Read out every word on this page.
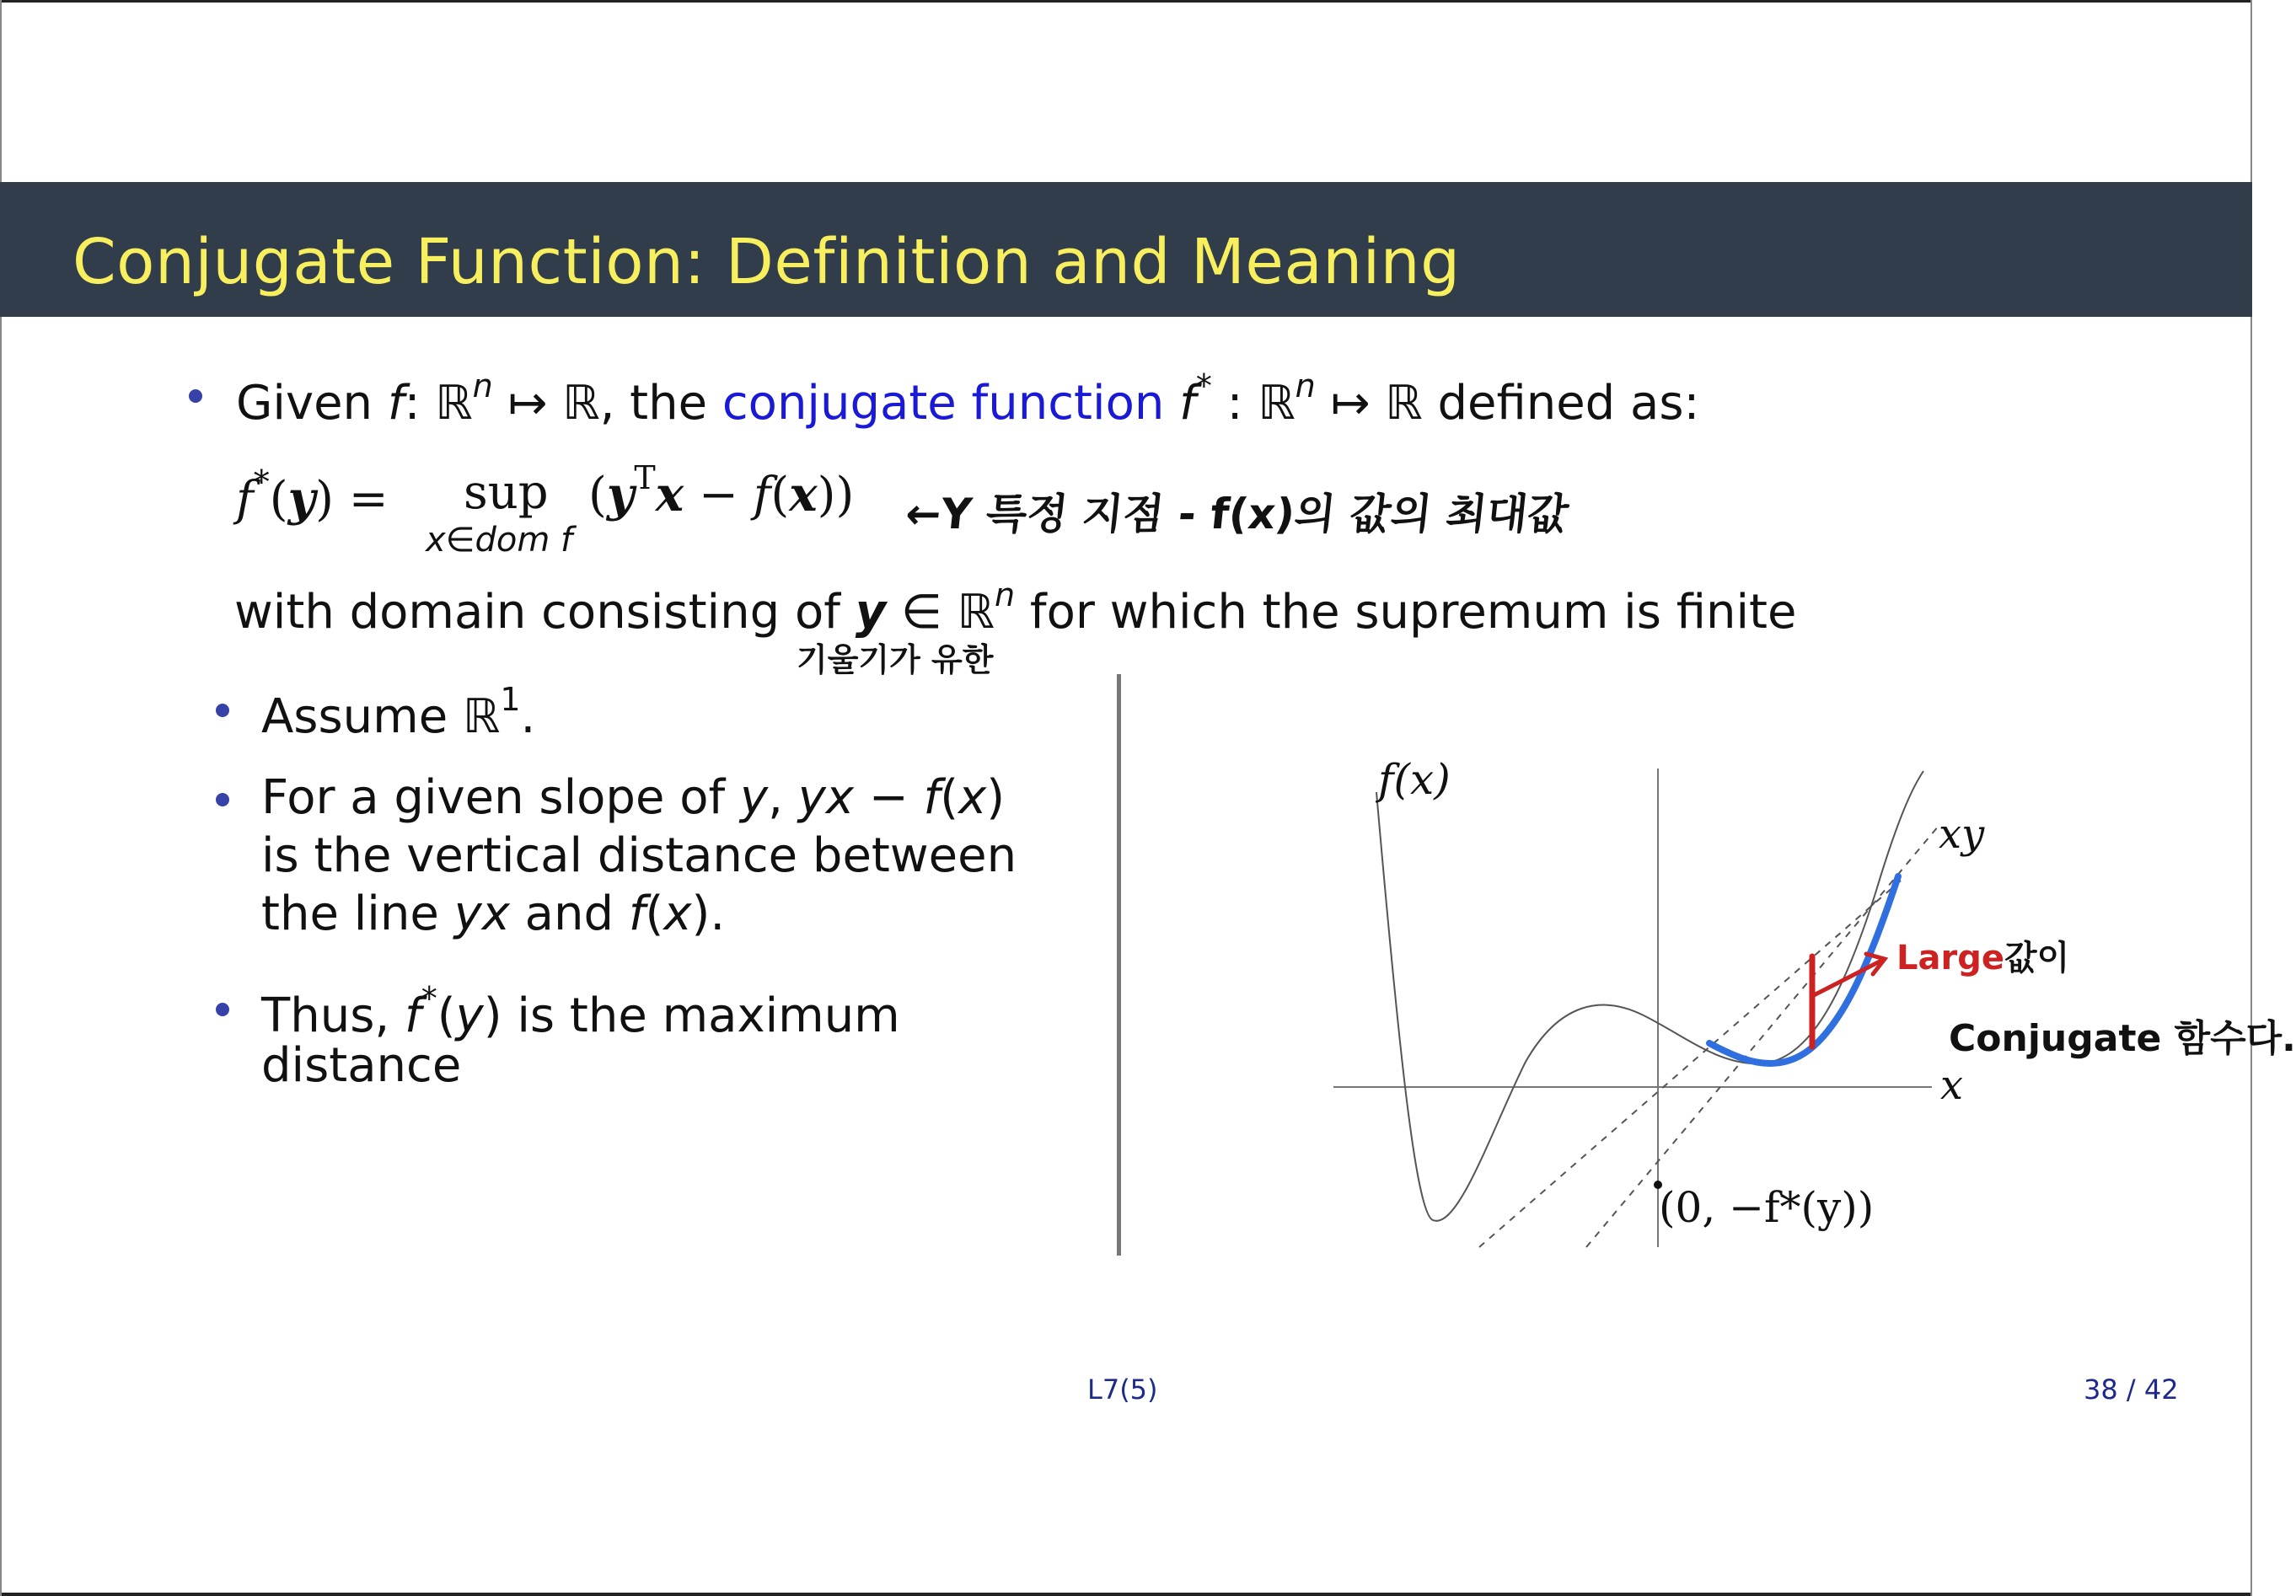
Conjugate Function: Definition and Meaning
Given f: ℝ$^n$ ↦ ℝ, the conjugate function f* : ℝ$^n$ ↦ ℝ defined as:
f*(y) = sup
x∈dom f
$(y^Tx - f(x))$ ←Y 특정 지점 - f(x)의 값의 최대값
with domain consisting of y ∈ ℝ$^n$ for which the supremum is finite
기울기가 유한
Assume ℝ$^1$.
For a given slope of y, yx − f(x)
is the vertical distance between
the line yx and f(x).
Thus, f*(y) is the maximum
distance
f(x)
xy
x
(0, −f*(y))
Large값이
Conjugate 함수다.
L7(5)	38 / 42
